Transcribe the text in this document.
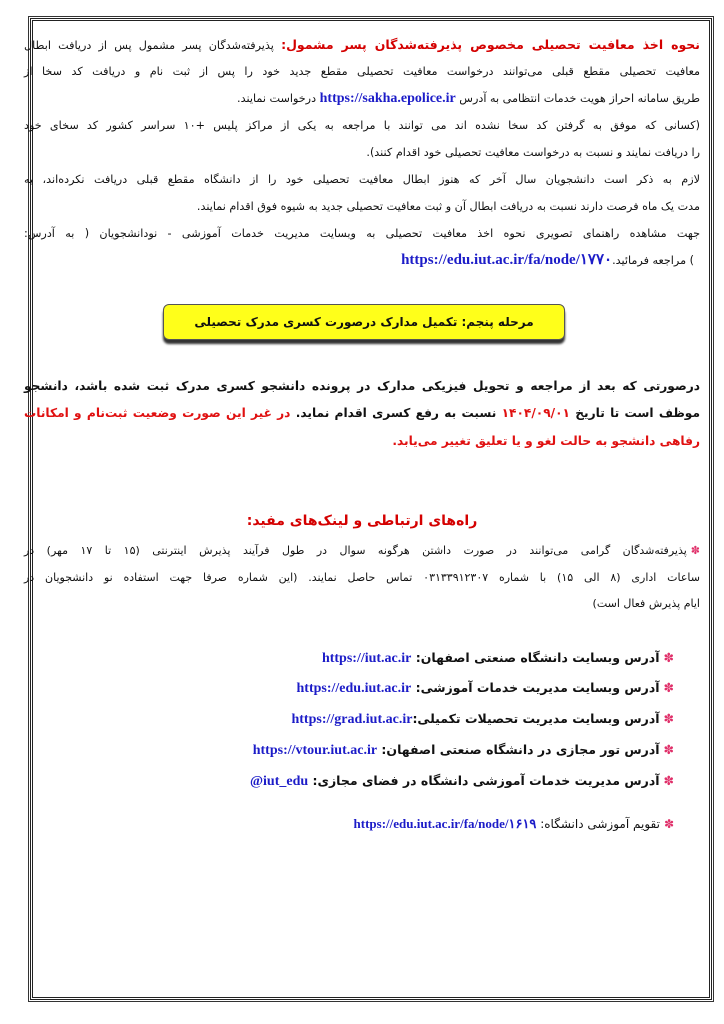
نحوه اخذ معافیت تحصیلی مخصوص پذیرفته‌شدگان پسر مشمول: پذیرفته‌شدگان پسر مشمول پس از دریافت ابطال
معافیت تحصیلی مقطع قبلی می‌توانند درخواست معافیت تحصیلی مقطع جدید خود را پس از ثبت نام و دریافت کد سخا از
طریق سامانه احراز هویت خدمات انتظامی به آدرس https://sakha.epolice.ir درخواست نمایند.
(کسانی که موفق به گرفتن کد سخا نشده اند می توانند با مراجعه به یکی از مراکز پلیس +۱۰ سراسر کشور کد سخای خود
را دریافت نمایند و نسبت به درخواست معافیت تحصیلی خود اقدام کنند).
لازم به ذکر است دانشجویان سال آخر که هنوز ابطال معافیت تحصیلی خود را از دانشگاه مقطع قبلی دریافت نکرده‌اند، به
مدت یک ماه فرصت دارند نسبت به دریافت ابطال آن و ثبت معافیت تحصیلی جدید به شیوه فوق اقدام نمایند.
جهت مشاهده راهنمای تصویری نحوه اخذ معافیت تحصیلی به وبسایت مدیریت خدمات آموزشی - نودانشجویان ( به آدرس:
) مراجعه فرمائید.https://edu.iut.ac.ir/fa/node/۱۷۷۰
مرحله پنجم: تکمیل مدارک درصورت کسری مدرک تحصیلی
درصورتی که بعد از مراجعه و تحویل فیزیکی مدارک در پرونده دانشجو کسری مدرک ثبت شده باشد، دانشجو
موظف است تا تاریخ ۱۴۰۴/۰۹/۰۱ نسبت به رفع کسری اقدام نماید. در غیر این صورت وضعیت ثبت‌نام و امکانات
رفاهی دانشجو به حالت لغو و یا تعلیق تغییر می‌یابد.
راه‌های ارتباطی و لینک‌های مفید:
✽پذیرفته‌شدگان گرامی می‌توانند در صورت داشتن هرگونه سوال در طول فرآیند پذیرش اینترنتی (۱۵ تا ۱۷ مهر) در
ساعات اداری (۸ الی ۱۵) با شماره ۰۳۱۳۳۹۱۲۳۰۷ تماس حاصل نمایند. (این شماره صرفا جهت استفاده نو دانشجویان در
ایام پذیرش فعال است)
✽آدرس وبسایت دانشگاه صنعتی اصفهان: https://iut.ac.ir
✽آدرس وبسایت مدیریت خدمات آموزشی: https://edu.iut.ac.ir
✽آدرس وبسایت مدیریت تحصیلات تکمیلی:https://grad.iut.ac.ir
✽آدرس تور مجازی در دانشگاه صنعتی اصفهان: https://vtour.iut.ac.ir
✽آدرس مدیریت خدمات آموزشی دانشگاه در فضای مجازی: @iut_edu
✽تقویم آموزشی دانشگاه: https://edu.iut.ac.ir/fa/node/۱۶۱۹
